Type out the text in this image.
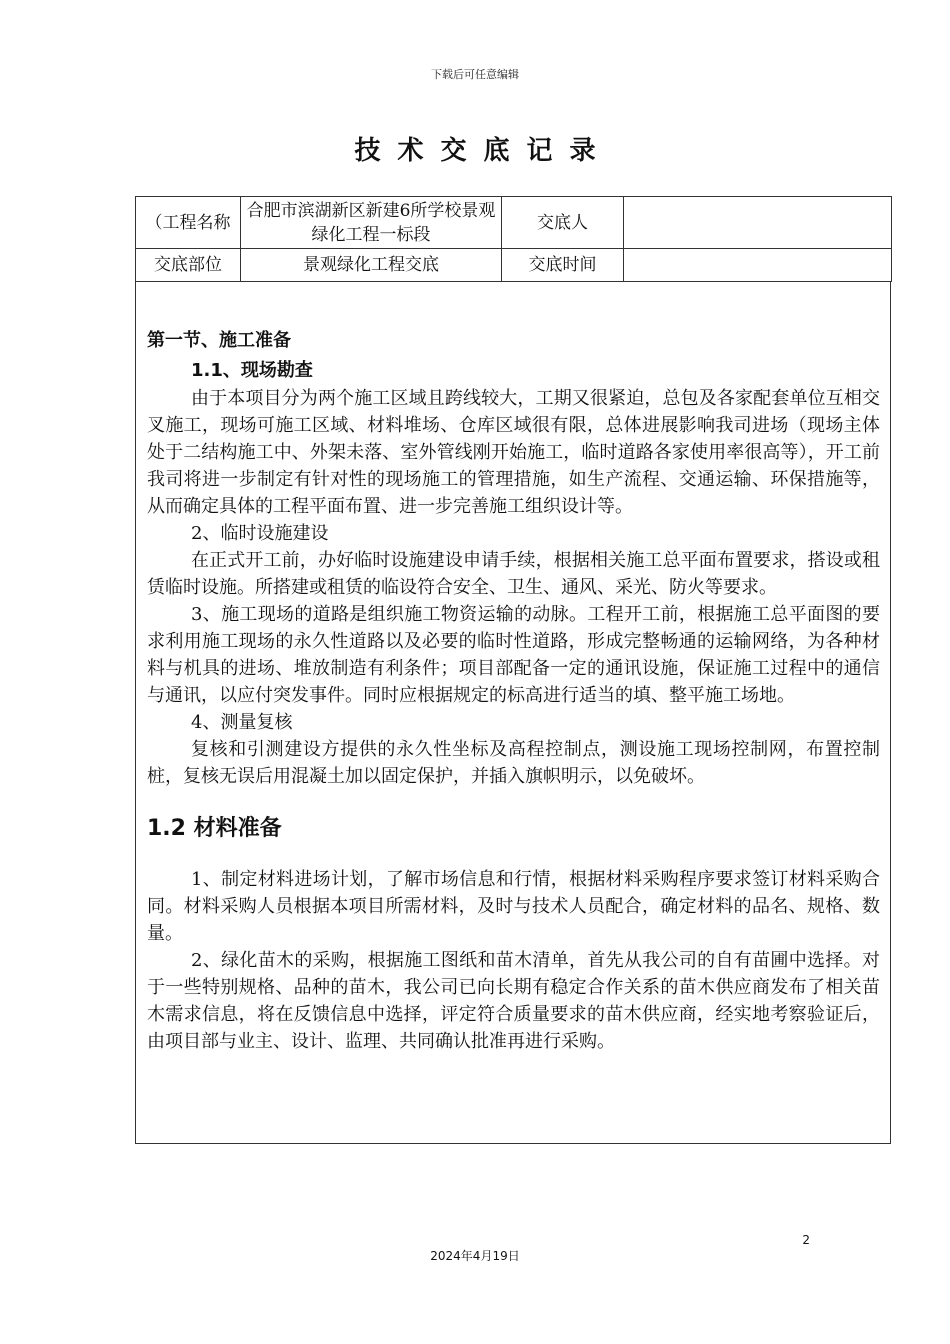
下载后可任意编辑
技术交底记录
（工程名称	合肥市滨湖新区新建6所学校景观绿化工程一标段	交底人	
交底部位	景观绿化工程交底	交底时间	
第一节、施工准备

1.1、现场勘查

由于本项目分为两个施工区域且跨线较大，工期又很紧迫，总包及各家配套单位互相交叉施工，现场可施工区域、材料堆场、仓库区域很有限，总体进展影响我司进场（现场主体处于二结构施工中、外架未落、室外管线刚开始施工，临时道路各家使用率很高等），开工前我司将进一步制定有针对性的现场施工的管理措施，如生产流程、交通运输、环保措施等，从而确定具体的工程平面布置、进一步完善施工组织设计等。

2、临时设施建设

在正式开工前，办好临时设施建设申请手续，根据相关施工总平面布置要求，搭设或租赁临时设施。所搭建或租赁的临设符合安全、卫生、通风、采光、防火等要求。

3、施工现场的道路是组织施工物资运输的动脉。工程开工前，根据施工总平面图的要求利用施工现场的永久性道路以及必要的临时性道路，形成完整畅通的运输网络，为各种材料与机具的进场、堆放制造有利条件；项目部配备一定的通讯设施，保证施工过程中的通信与通讯，以应付突发事件。同时应根据规定的标高进行适当的填、整平施工场地。

4、测量复核

复核和引测建设方提供的永久性坐标及高程控制点，测设施工现场控制网，布置控制桩，复核无误后用混凝土加以固定保护，并插入旗帜明示，以免破坏。

1.2 材料准备

1、制定材料进场计划，了解市场信息和行情，根据材料采购程序要求签订材料采购合同。材料采购人员根据本项目所需材料，及时与技术人员配合，确定材料的品名、规格、数量。

2、绿化苗木的采购，根据施工图纸和苗木清单，首先从我公司的自有苗圃中选择。对于一些特别规格、品种的苗木，我公司已向长期有稳定合作关系的苗木供应商发布了相关苗木需求信息，将在反馈信息中选择，评定符合质量要求的苗木供应商，经实地考察验证后，由项目部与业主、设计、监理、共同确认批准再进行采购。

2
2024年4月19日
